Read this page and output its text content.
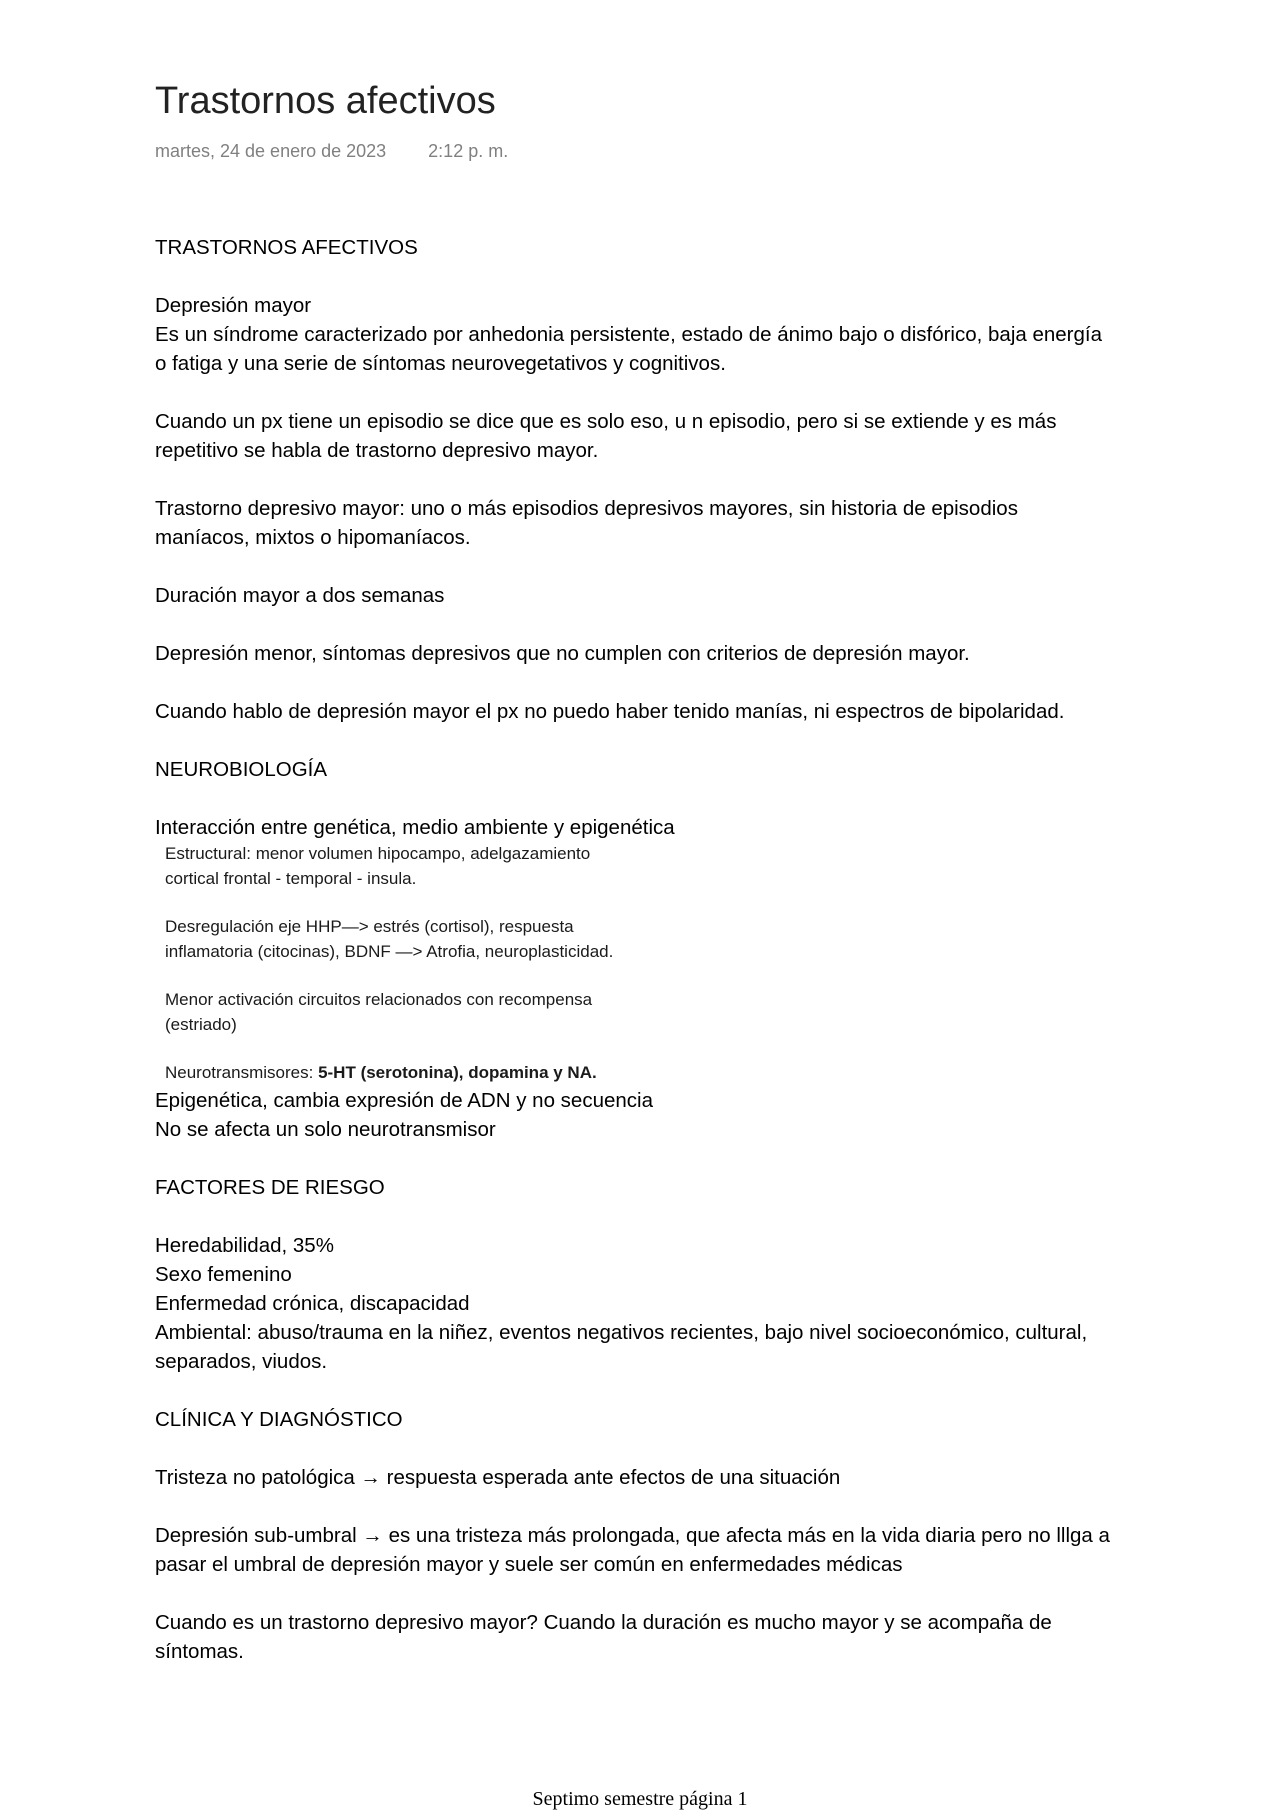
Trastornos afectivos
martes, 24 de enero de 2023 2:12 p. m.

TRASTORNOS AFECTIVOS

Depresión mayor
Es un síndrome caracterizado por anhedonia persistente, estado de ánimo bajo o disfórico, baja energía o fatiga y una serie de síntomas neurovegetativos y cognitivos.

Cuando un px tiene un episodio se dice que es solo eso, u n episodio, pero si se extiende y es más repetitivo se habla de trastorno depresivo mayor.

Trastorno depresivo mayor: uno o más episodios depresivos mayores, sin historia de episodios maníacos, mixtos o hipomaníacos.

Duración mayor a dos semanas

Depresión menor, síntomas depresivos que no cumplen con criterios de depresión mayor.

Cuando hablo de depresión mayor el px no puedo haber tenido manías, ni espectros de bipolaridad.

NEUROBIOLOGÍA

Interacción entre genética, medio ambiente y epigenética

Estructural: menor volumen hipocampo, adelgazamiento
cortical frontal - temporal - insula.

Desregulación eje HHP—> estrés (cortisol), respuesta
inflamatoria (citocinas), BDNF —> Atrofia, neuroplasticidad.

Menor activación circuitos relacionados con recompensa
(estriado)

Neurotransmisores: 5-HT (serotonina), dopamina y NA.

Epigenética, cambia expresión de ADN y no secuencia
No se afecta un solo neurotransmisor

FACTORES DE RIESGO

Heredabilidad, 35%
Sexo femenino
Enfermedad crónica, discapacidad
Ambiental: abuso/trauma en la niñez, eventos negativos recientes, bajo nivel socioeconómico, cultural, separados, viudos.

CLÍNICA Y DIAGNÓSTICO

Tristeza no patológica → respuesta esperada ante efectos de una situación

Depresión sub-umbral → es una tristeza más prolongada, que afecta más en la vida diaria pero no lllga a pasar el umbral de depresión mayor y suele ser común en enfermedades médicas

Cuando es un trastorno depresivo mayor? Cuando la duración es mucho mayor y se acompaña de síntomas.

Septimo semestre página 1
